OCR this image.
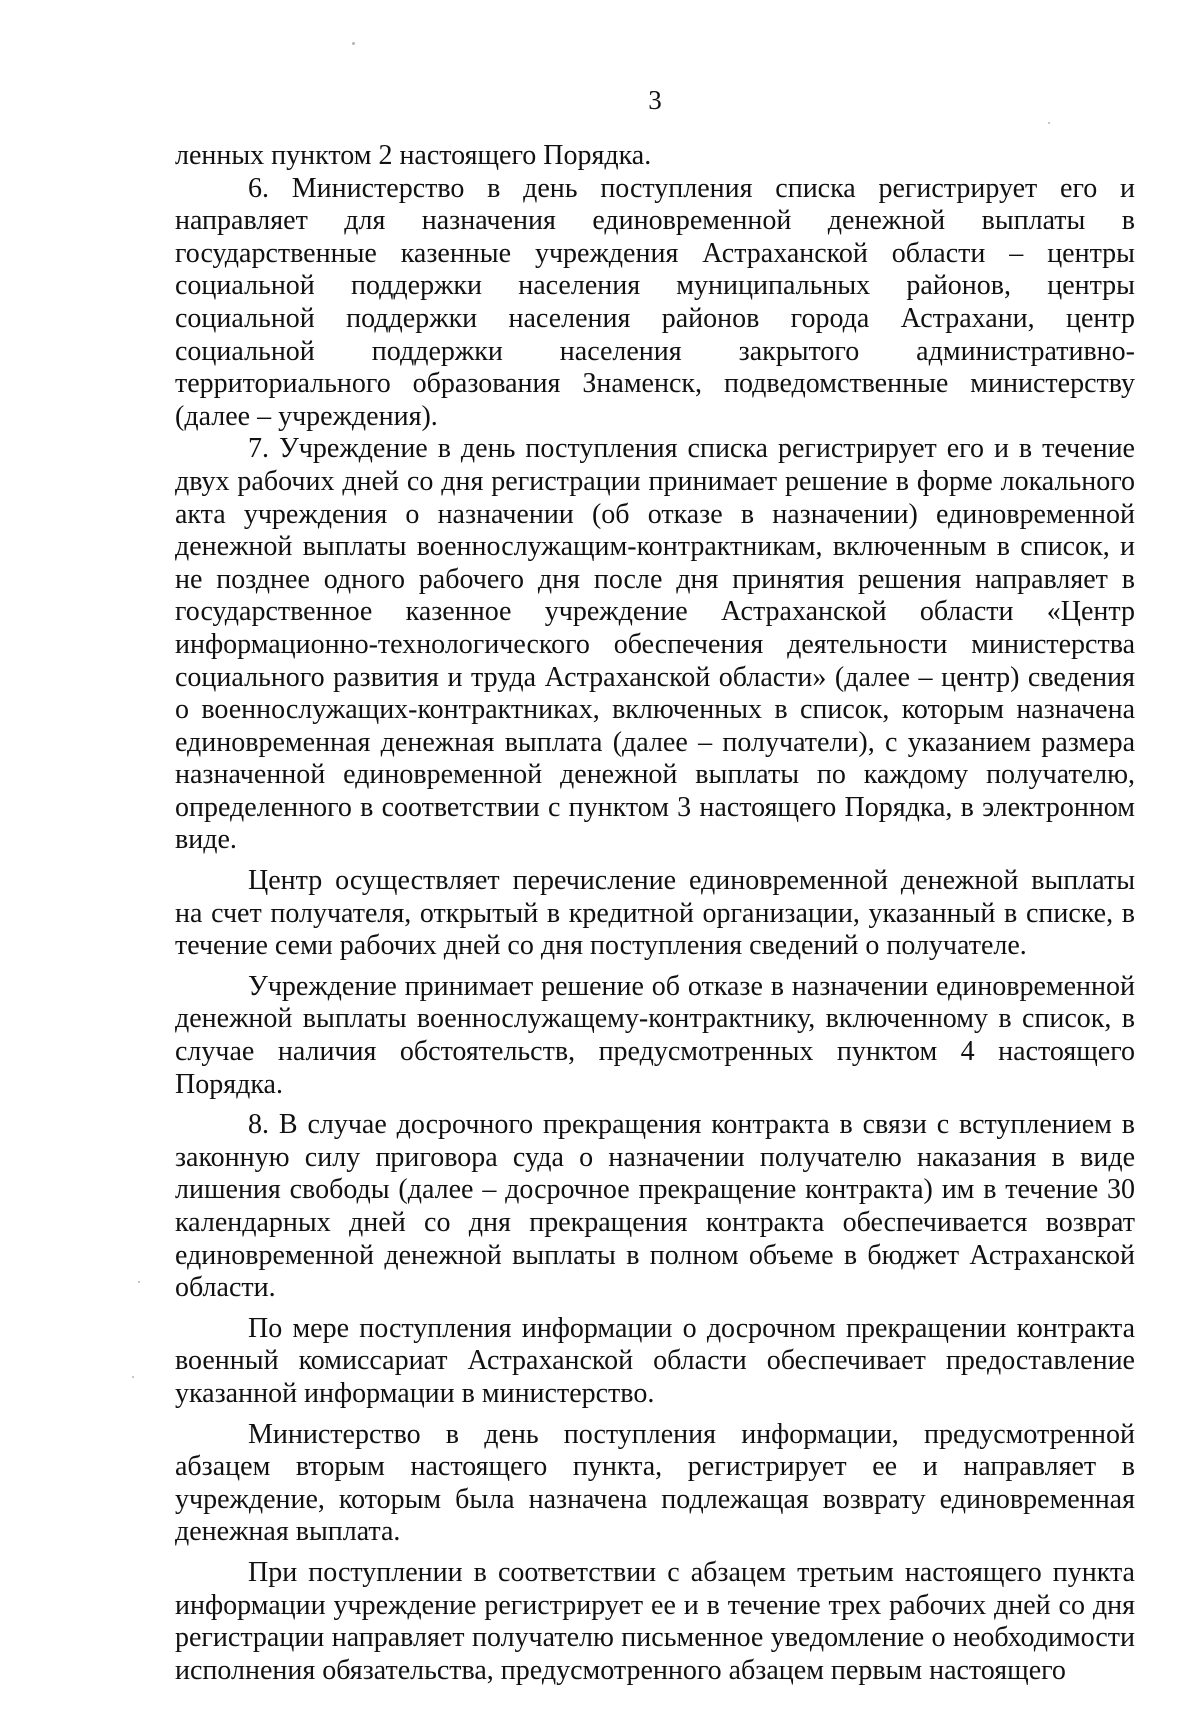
3

ленных пунктом 2 настоящего Порядка.

6. Министерство в день поступления списка регистрирует его и направляет для назначения единовременной денежной выплаты в государственные казенные учреждения Астраханской области – центры социальной поддержки населения муниципальных районов, центры социальной поддержки населения районов города Астрахани, центр социальной поддержки населения закрытого административно-территориального образования Знаменск, подведомственные министерству (далее – учреждения).

7. Учреждение в день поступления списка регистрирует его и в течение двух рабочих дней со дня регистрации принимает решение в форме локального акта учреждения о назначении (об отказе в назначении) единовременной денежной выплаты военнослужащим-контрактникам, включенным в список, и не позднее одного рабочего дня после дня принятия решения направляет в государственное казенное учреждение Астраханской области «Центр информационно-технологического обеспечения деятельности министерства социального развития и труда Астраханской области» (далее – центр) сведения о военнослужащих-контрактниках, включенных в список, которым назначена единовременная денежная выплата (далее – получатели), с указанием размера назначенной единовременной денежной выплаты по каждому получателю, определенного в соответствии с пунктом 3 настоящего Порядка, в электронном виде.

Центр осуществляет перечисление единовременной денежной выплаты на счет получателя, открытый в кредитной организации, указанный в списке, в течение семи рабочих дней со дня поступления сведений о получателе.

Учреждение принимает решение об отказе в назначении единовременной денежной выплаты военнослужащему-контрактнику, включенному в список, в случае наличия обстоятельств, предусмотренных пунктом 4 настоящего Порядка.

8. В случае досрочного прекращения контракта в связи с вступлением в законную силу приговора суда о назначении получателю наказания в виде лишения свободы (далее – досрочное прекращение контракта) им в течение 30 календарных дней со дня прекращения контракта обеспечивается возврат единовременной денежной выплаты в полном объеме в бюджет Астраханской области.

По мере поступления информации о досрочном прекращении контракта военный комиссариат Астраханской области обеспечивает предоставление указанной информации в министерство.

Министерство в день поступления информации, предусмотренной абзацем вторым настоящего пункта, регистрирует ее и направляет в учреждение, которым была назначена подлежащая возврату единовременная денежная выплата.

При поступлении в соответствии с абзацем третьим настоящего пункта информации учреждение регистрирует ее и в течение трех рабочих дней со дня регистрации направляет получателю письменное уведомление о необходимости исполнения обязательства, предусмотренного абзацем первым настоящего
